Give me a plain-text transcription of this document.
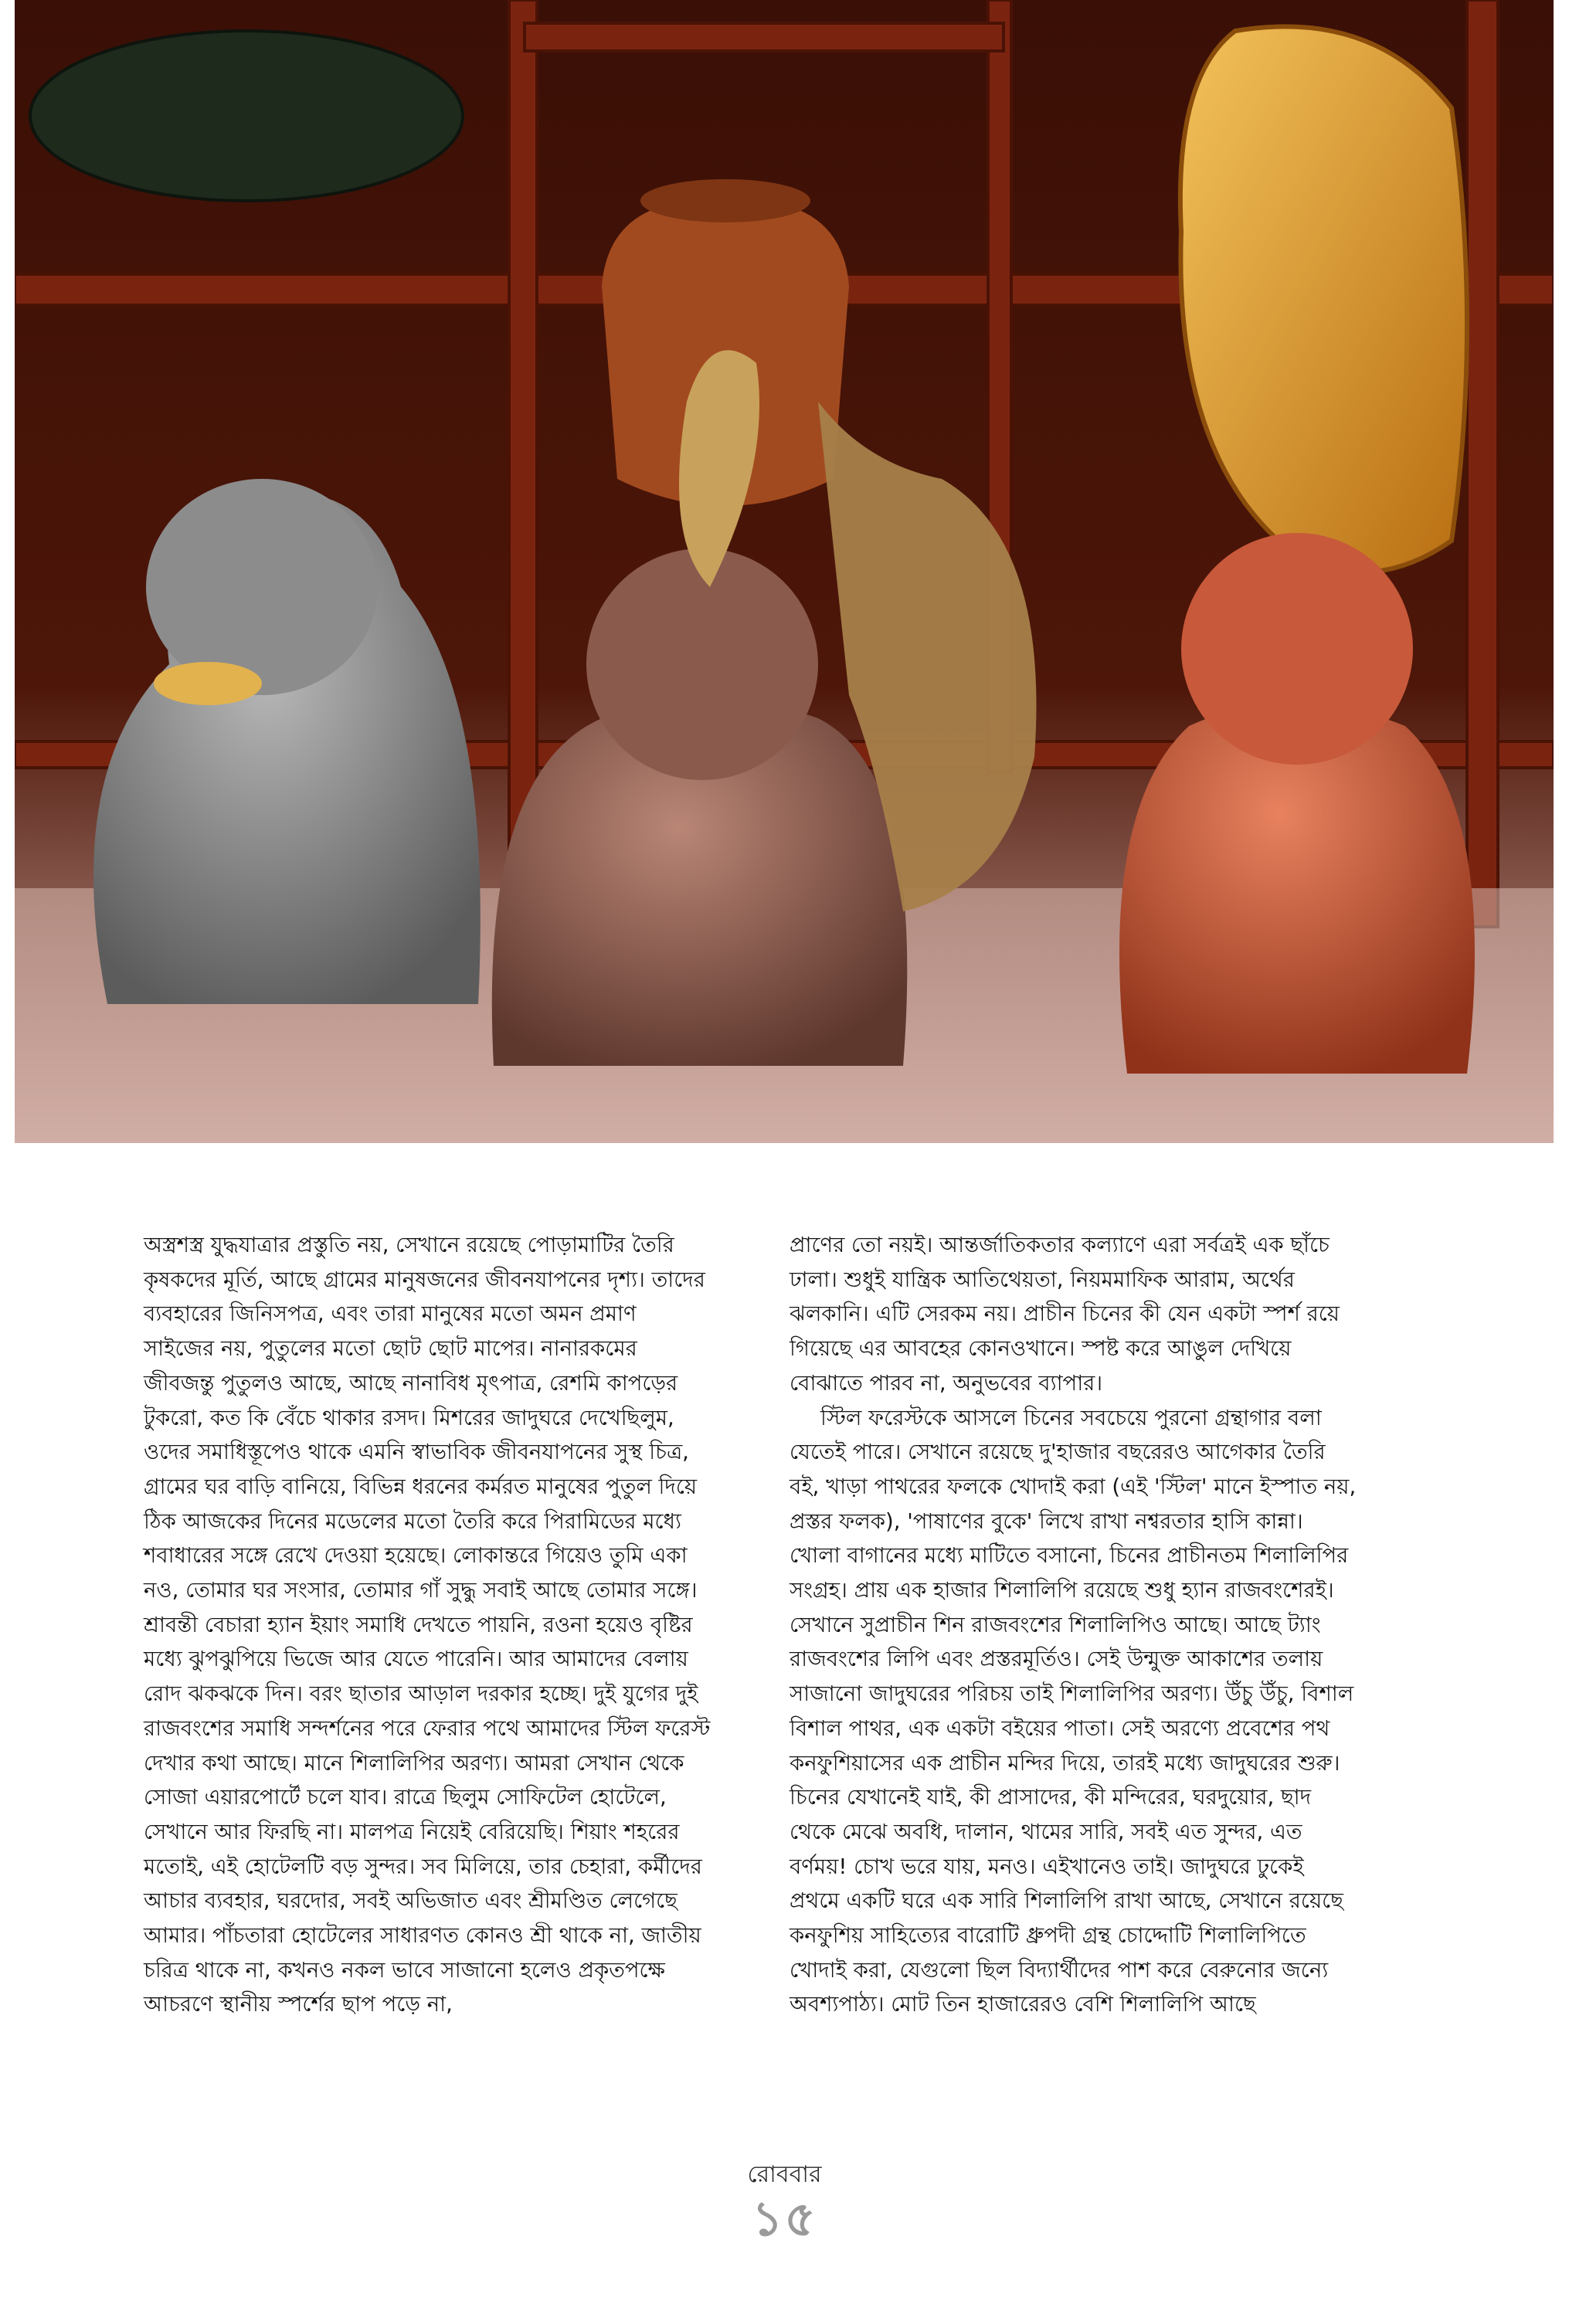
অস্ত্রশস্ত্র যুদ্ধযাত্রার প্রস্তুতি নয়, সেখানে রয়েছে পোড়ামাটির তৈরি কৃষকদের মূর্তি, আছে গ্রামের মানুষজনের জীবনযাপনের দৃশ্য। তাদের ব্যবহারের জিনিসপত্র, এবং তারা মানুষের মতো অমন প্রমাণ সাইজের নয়, পুতুলের মতো ছোট ছোট মাপের। নানারকমের জীবজন্তু পুতুলও আছে, আছে নানাবিধ মৃৎপাত্র, রেশমি কাপড়ের টুকরো, কত কি বেঁচে থাকার রসদ। মিশরের জাদুঘরে দেখেছিলুম, ওদের সমাধিস্তূপেও থাকে এমনি স্বাভাবিক জীবনযাপনের সুস্থ চিত্র, গ্রামের ঘর বাড়ি বানিয়ে, বিভিন্ন ধরনের কর্মরত মানুষের পুতুল দিয়ে ঠিক আজকের দিনের মডেলের মতো তৈরি করে পিরামিডের মধ্যে শবাধারের সঙ্গে রেখে দেওয়া হয়েছে। লোকান্তরে গিয়েও তুমি একা নও, তোমার ঘর সংসার, তোমার গাঁ সুদ্ধু সবাই আছে তোমার সঙ্গে। শ্রাবন্তী বেচারা হ্যান ইয়াং সমাধি দেখতে পায়নি, রওনা হয়েও বৃষ্টির মধ্যে ঝুপঝুপিয়ে ভিজে আর যেতে পারেনি। আর আমাদের বেলায় রোদ ঝকঝকে দিন। বরং ছাতার আড়াল দরকার হচ্ছে। দুই যুগের দুই রাজবংশের সমাধি সন্দর্শনের পরে ফেরার পথে আমাদের স্টিল ফরেস্ট দেখার কথা আছে। মানে শিলালিপির অরণ্য। আমরা সেখান থেকে সোজা এয়ারপোর্টে চলে যাব। রাত্রে ছিলুম সোফিটেল হোটেলে, সেখানে আর ফিরছি না। মালপত্র নিয়েই বেরিয়েছি। শিয়াং শহরের মতোই, এই হোটেলটি বড় সুন্দর। সব মিলিয়ে, তার চেহারা, কর্মীদের আচার ব্যবহার, ঘরদোর, সবই অভিজাত এবং শ্রীমণ্ডিত লেগেছে আমার। পাঁচতারা হোটেলের সাধারণত কোনও শ্রী থাকে না, জাতীয় চরিত্র থাকে না, কখনও নকল ভাবে সাজানো হলেও প্রকৃতপক্ষে আচরণে স্থানীয় স্পর্শের ছাপ পড়ে না,

প্রাণের তো নয়ই। আন্তর্জাতিকতার কল্যাণে এরা সর্বত্রই এক ছাঁচে ঢালা। শুধুই যান্ত্রিক আতিথেয়তা, নিয়মমাফিক আরাম, অর্থের ঝলকানি। এটি সেরকম নয়। প্রাচীন চিনের কী যেন একটা স্পর্শ রয়ে গিয়েছে এর আবহের কোনওখানে। স্পষ্ট করে আঙুল দেখিয়ে বোঝাতে পারব না, অনুভবের ব্যাপার।

স্টিল ফরেস্টকে আসলে চিনের সবচেয়ে পুরনো গ্রন্থাগার বলা যেতেই পারে। সেখানে রয়েছে দু'হাজার বছরেরও আগেকার তৈরি বই, খাড়া পাথরের ফলকে খোদাই করা (এই 'স্টিল' মানে ইস্পাত নয়, প্রস্তর ফলক), 'পাষাণের বুকে' লিখে রাখা নশ্বরতার হাসি কান্না। খোলা বাগানের মধ্যে মাটিতে বসানো, চিনের প্রাচীনতম শিলালিপির সংগ্রহ। প্রায় এক হাজার শিলালিপি রয়েছে শুধু হ্যান রাজবংশেরই। সেখানে সুপ্রাচীন শিন রাজবংশের শিলালিপিও আছে। আছে ট্যাং রাজবংশের লিপি এবং প্রস্তরমূর্তিও। সেই উন্মুক্ত আকাশের তলায় সাজানো জাদুঘরের পরিচয় তাই শিলালিপির অরণ্য। উঁচু উঁচু, বিশাল বিশাল পাথর, এক একটা বইয়ের পাতা। সেই অরণ্যে প্রবেশের পথ কনফুশিয়াসের এক প্রাচীন মন্দির দিয়ে, তারই মধ্যে জাদুঘরের শুরু। চিনের যেখানেই যাই, কী প্রাসাদের, কী মন্দিরের, ঘরদুয়োর, ছাদ থেকে মেঝে অবধি, দালান, থামের সারি, সবই এত সুন্দর, এত বর্ণময়! চোখ ভরে যায়, মনও। এইখানেও তাই। জাদুঘরে ঢুকেই প্রথমে একটি ঘরে এক সারি শিলালিপি রাখা আছে, সেখানে রয়েছে কনফুশিয় সাহিত্যের বারোটি ধ্রুপদী গ্রন্থ চোদ্দোটি শিলালিপিতে খোদাই করা, যেগুলো ছিল বিদ্যার্থীদের পাশ করে বেরুনোর জন্যে অবশ্যপাঠ্য। মোট তিন হাজারেরও বেশি শিলালিপি আছে

রোববার
১৫
